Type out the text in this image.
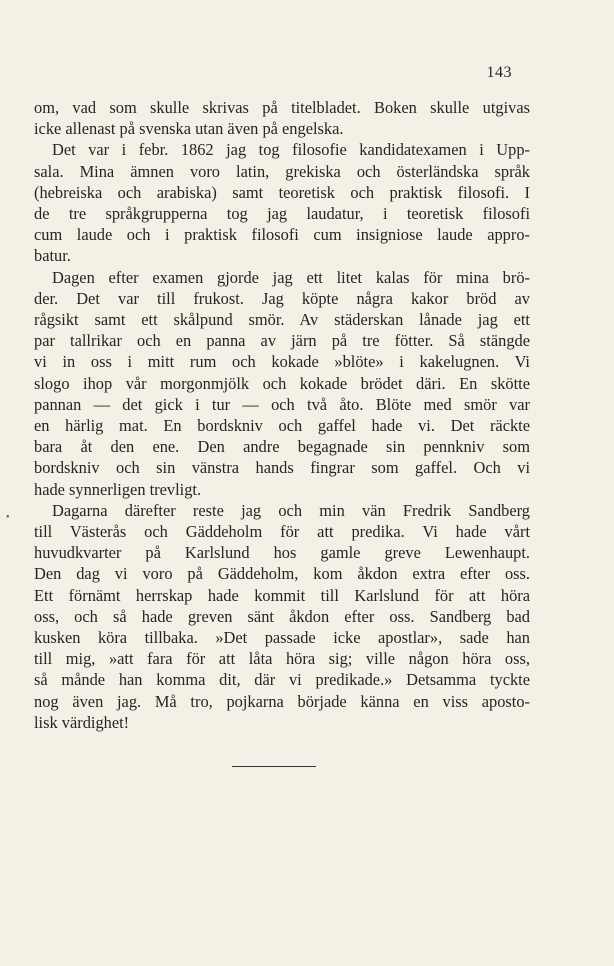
143
•

om, vad som skulle skrivas på titelbladet. Boken skulle utgivas
icke allenast på svenska utan även på engelska.

Det var i febr. 1862 jag tog filosofie kandidatexamen i Upp-
sala. Mina ämnen voro latin, grekiska och österländska språk
(hebreiska och arabiska) samt teoretisk och praktisk filosofi. I
de tre språkgrupperna tog jag laudatur, i teoretisk filosofi
cum laude och i praktisk filosofi cum insigniose laude appro-
batur.

Dagen efter examen gjorde jag ett litet kalas för mina brö-
der. Det var till frukost. Jag köpte några kakor bröd av
rågsikt samt ett skålpund smör. Av städerskan lånade jag ett
par tallrikar och en panna av järn på tre fötter. Så stängde
vi in oss i mitt rum och kokade »blöte» i kakelugnen. Vi
slogo ihop vår morgonmjölk och kokade brödet däri. En skötte
pannan — det gick i tur — och två åto. Blöte med smör var
en härlig mat. En bordskniv och gaffel hade vi. Det räckte
bara åt den ene. Den andre begagnade sin pennkniv som
bordskniv och sin vänstra hands fingrar som gaffel. Och vi
hade synnerligen trevligt.

Dagarna därefter reste jag och min vän Fredrik Sandberg
till Västerås och Gäddeholm för att predika. Vi hade vårt
huvudkvarter på Karlslund hos gamle greve Lewenhaupt.
Den dag vi voro på Gäddeholm, kom åkdon extra efter oss.
Ett förnämt herrskap hade kommit till Karlslund för att höra
oss, och så hade greven sänt åkdon efter oss. Sandberg bad
kusken köra tillbaka. »Det passade icke apostlar», sade han
till mig, »att fara för att låta höra sig; ville någon höra oss,
så månde han komma dit, där vi predikade.» Detsamma tyckte
nog även jag. Må tro, pojkarna började känna en viss aposto-
lisk värdighet!
